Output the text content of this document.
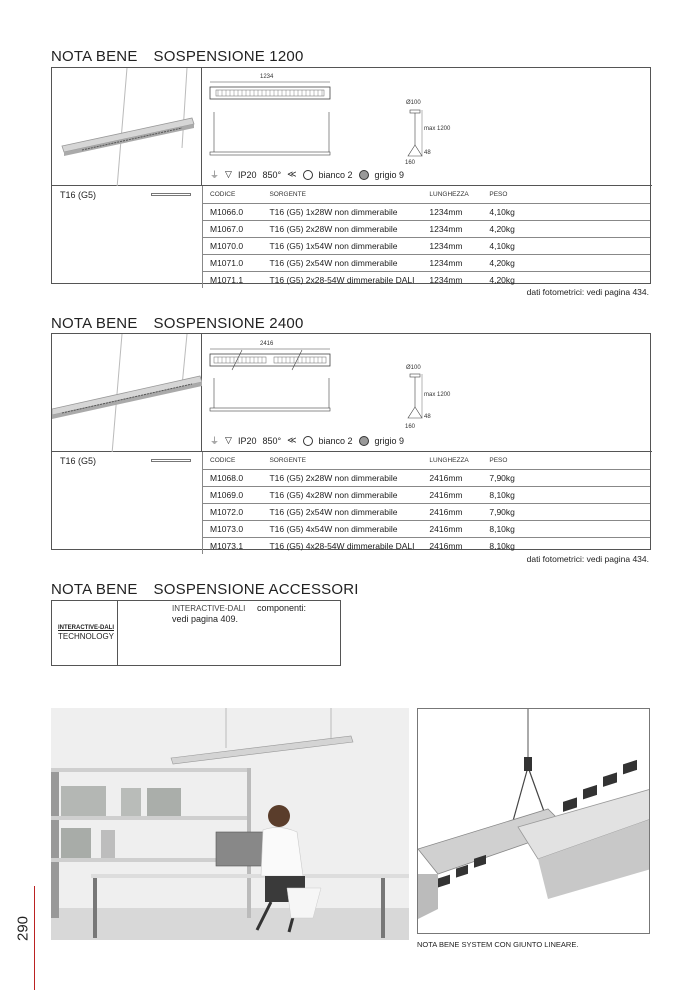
NOTA BENE SOSPENSIONE 1200
1234
Ø100
max 1200
48
160
⏚ ▽ IP20 850° ≪ bianco 2 grigio 9
T16 (G5)	CODICE	SORGENTE	LUNGHEZZA	PESO
M1066.0	T16 (G5) 1x28W non dimmerabile	1234mm	4,10kg
M1067.0	T16 (G5) 2x28W non dimmerabile	1234mm	4,20kg
M1070.0	T16 (G5) 1x54W non dimmerabile	1234mm	4,10kg
M1071.0	T16 (G5) 2x54W non dimmerabile	1234mm	4,20kg
M1071.1	T16 (G5) 2x28-54W dimmerabile DALI	1234mm	4,20kg
dati fotometrici: vedi pagina 434.
NOTA BENE SOSPENSIONE 2400
2416
Ø100
max 1200
48
160
⏚ ▽ IP20 850° ≪ bianco 2 grigio 9
T16 (G5)	CODICE	SORGENTE	LUNGHEZZA	PESO
M1068.0	T16 (G5) 2x28W non dimmerabile	2416mm	7,90kg
M1069.0	T16 (G5) 4x28W non dimmerabile	2416mm	8,10kg
M1072.0	T16 (G5) 2x54W non dimmerabile	2416mm	7,90kg
M1073.0	T16 (G5) 4x54W non dimmerabile	2416mm	8,10kg
M1073.1	T16 (G5) 4x28-54W dimmerabile DALI	2416mm	8,10kg
dati fotometrici: vedi pagina 434.
NOTA BENE SOSPENSIONE ACCESSORI
INTERACTIVE-DALI
TECHNOLOGY
INTERACTIVE-DALI componenti:
vedi pagina 409.
NOTA BENE SYSTEM CON GIUNTO LINEARE.
290
